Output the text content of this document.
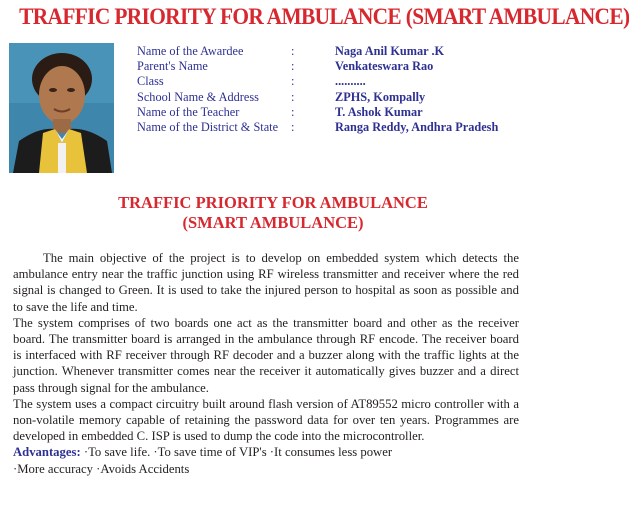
TRAFFIC PRIORITY FOR AMBULANCE (SMART AMBULANCE)
Name of the Awardee	:	Naga Anil Kumar .K
Parent's Name	:	Venkateswara Rao
Class	:	..........
School Name & Address	:	ZPHS, Kompally
Name of the Teacher	:	T. Ashok Kumar
Name of the District & State	:	Ranga Reddy, Andhra Pradesh
TRAFFIC PRIORITY FOR AMBULANCE
(SMART AMBULANCE)

The main objective of the project is to develop on embedded system which detects the ambulance entry near the traffic junction using RF wireless transmitter and receiver where the red signal is changed to Green. It is used to take the injured person to hospital as soon as possible and to save the life and time.

The system comprises of two boards one act as the transmitter board and other as the receiver board. The transmitter board is arranged in the ambulance through RF encode. The receiver board is interfaced with RF receiver through RF decoder and a buzzer along with the traffic lights at the junction. Whenever transmitter comes near the receiver it automatically gives buzzer and a direct pass through signal for the ambulance.

The system uses a compact circuitry built around flash version of AT89552 micro controller with a non-volatile memory capable of retaining the password data for over ten years. Programmes are developed in embedded C. ISP is used to dump the code into the microcontroller.

Advantages: ·To save life. ·To save time of VIP's ·It consumes less power

·More accuracy ·Avoids Accidents
